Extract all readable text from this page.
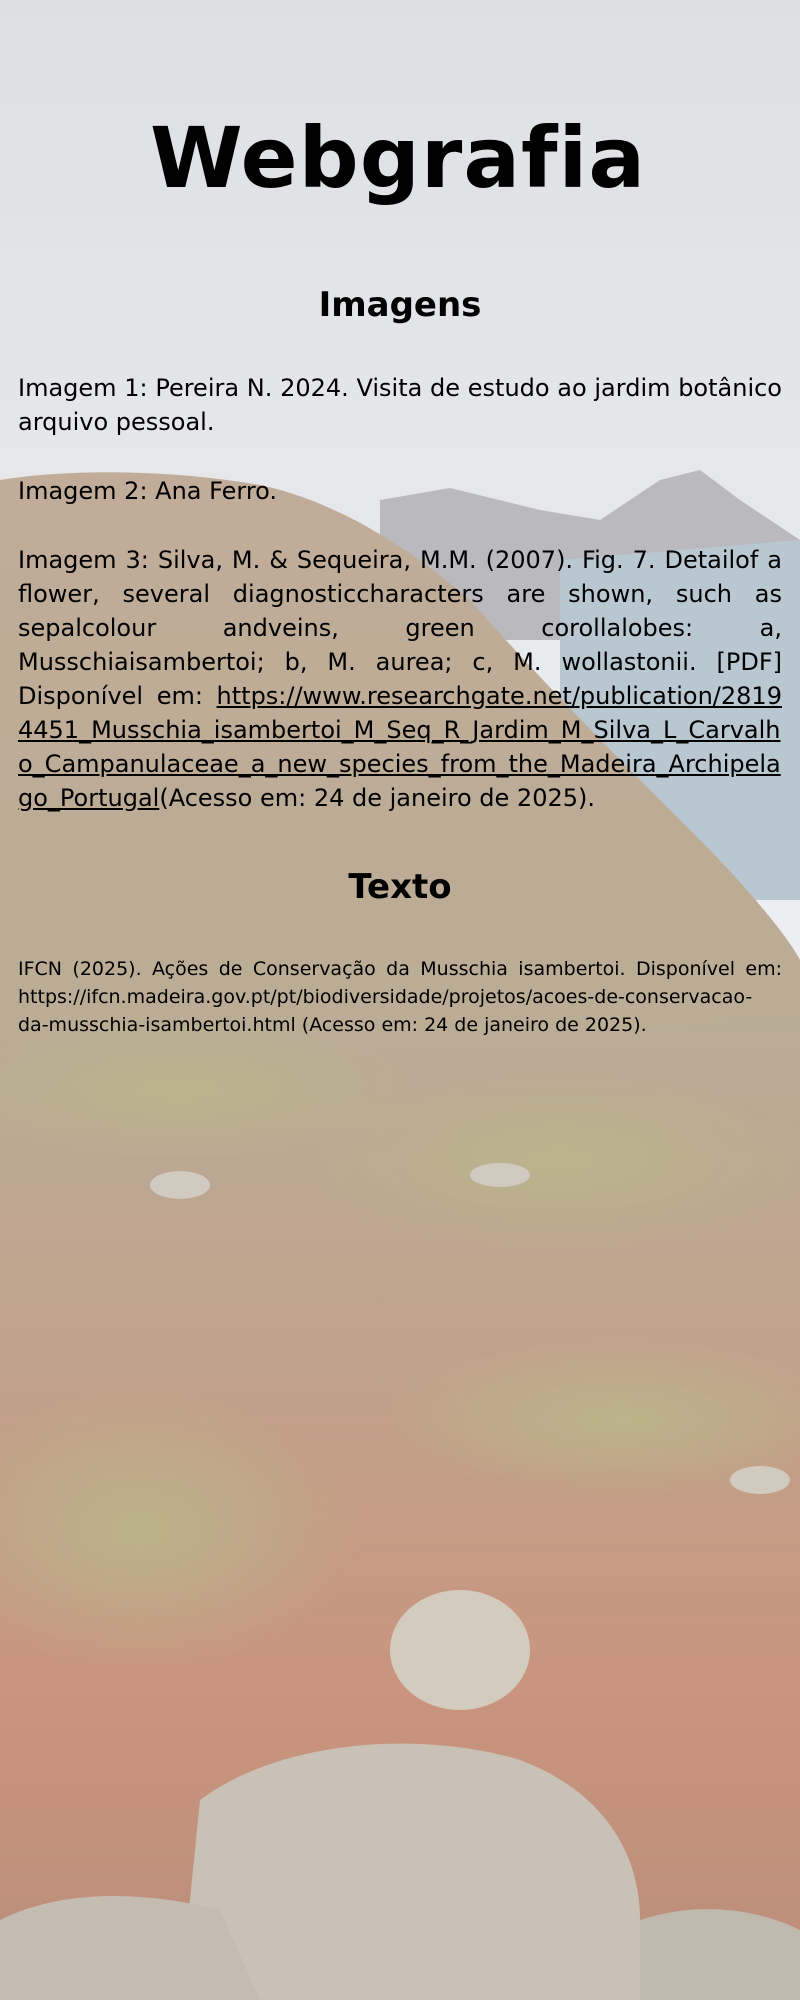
Webgrafia
Imagens

Imagem 1: Pereira N. 2024. Visita de estudo ao jardim botânico arquivo pessoal.

Imagem 2: Ana Ferro.

Imagem 3: Silva, M. & Sequeira, M.M. (2007). Fig. 7. Detailof a flower, several diagnosticcharacters are shown, such as sepalcolour andveins, green corollalobes: a, Musschiaisambertoi; b, M. aurea; c, M. wollastonii. [PDF] Disponível em: https://www.researchgate.net/publication/28194451_Musschia_isambertoi_M_Seq_R_Jardim_M_Silva_L_Carvalho_Campanulaceae_a_new_species_from_the_Madeira_Archipelago_Portugal(Acesso em: 24 de janeiro de 2025).

Texto

IFCN (2025). Ações de Conservação da Musschia isambertoi. Disponível em: https://ifcn.madeira.gov.pt/pt/biodiversidade/projetos/acoes-de-conservacao-da-musschia-isambertoi.html (Acesso em: 24 de janeiro de 2025).
